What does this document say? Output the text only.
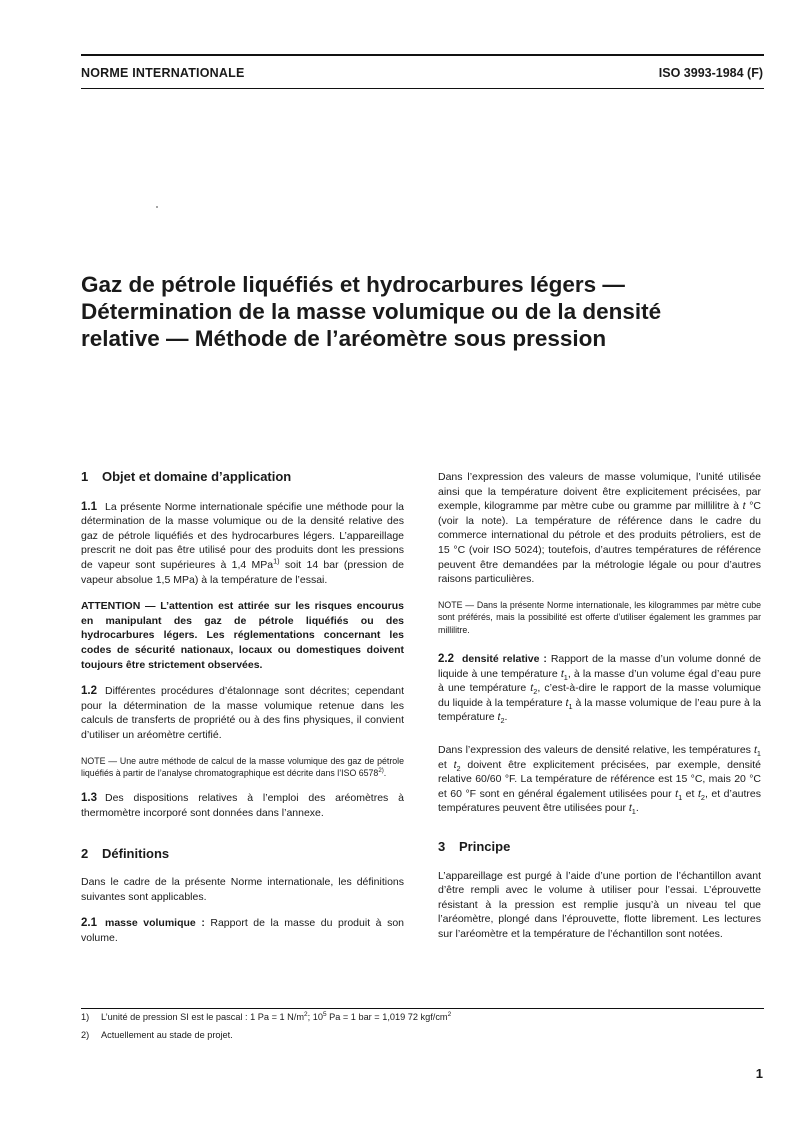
NORME INTERNATIONALE	ISO 3993-1984 (F)
Gaz de pétrole liquéfiés et hydrocarbures légers —
Détermination de la masse volumique ou de la densité
relative — Méthode de l’aréomètre sous pression
1 Objet et domaine d’application

1.1 La présente Norme internationale spécifie une méthode pour la détermination de la masse volumique ou de la densité relative des gaz de pétrole liquéfiés et des hydrocarbures légers. L’appareillage prescrit ne doit pas être utilisé pour des produits dont les pressions de vapeur sont supérieures à 1,4 MPa$^{1)}$ soit 14 bar (pression de vapeur absolue 1,5 MPa) à la température de l’essai.

ATTENTION — L’attention est attirée sur les risques encourus en manipulant des gaz de pétrole liquéfiés ou des hydrocarbures légers. Les réglementations concernant les codes de sécurité nationaux, locaux ou domestiques doivent toujours être strictement observées.

1.2 Différentes procédures d’étalonnage sont décrites; cependant pour la détermination de la masse volumique retenue dans les calculs de transferts de propriété ou à des fins physiques, il convient d’utiliser un aréomètre certifié.

NOTE — Une autre méthode de calcul de la masse volumique des gaz de pétrole liquéfiés à partir de l’analyse chromatographique est décrite dans l’ISO 6578$^{2)}$.

1.3 Des dispositions relatives à l’emploi des aréomètres à thermomètre incorporé sont données dans l’annexe.

2 Définitions

Dans le cadre de la présente Norme internationale, les définitions suivantes sont applicables.

2.1 masse volumique : Rapport de la masse du produit à son volume.

Dans l’expression des valeurs de masse volumique, l’unité utilisée ainsi que la température doivent être explicitement précisées, par exemple, kilogramme par mètre cube ou gramme par millilitre à t °C (voir la note). La température de référence dans le cadre du commerce international du pétrole et des produits pétroliers, est de 15 °C (voir ISO 5024); toutefois, d’autres températures de référence peuvent être demandées par la métrologie légale ou pour d’autres raisons particulières.

NOTE — Dans la présente Norme internationale, les kilogrammes par mètre cube sont préférés, mais la possibilité est offerte d’utiliser également les grammes par millilitre.

2.2 densité relative : Rapport de la masse d’un volume donné de liquide à une température $t_1$, à la masse d’un volume égal d’eau pure à une température $t_2$, c’est-à-dire le rapport de la masse volumique du liquide à la température $t_1$ à la masse volumique de l’eau pure à la température $t_2$.

Dans l’expression des valeurs de densité relative, les températures $t_1$ et $t_2$ doivent être explicitement précisées, par exemple, densité relative 60/60 °F. La température de référence est 15 °C, mais 20 °C et 60 °F sont en général également utilisées pour $t_1$ et $t_2$, et d’autres températures peuvent être utilisées pour $t_1$.

3 Principe

L’appareillage est purgé à l’aide d’une portion de l’échantillon avant d’être rempli avec le volume à utiliser pour l’essai. L’éprouvette résistant à la pression est remplie jusqu’à un niveau tel que l’aréomètre, plongé dans l’éprouvette, flotte librement. Les lectures sur l’aréomètre et la température de l’échantillon sont notées.

1) L’unité de pression SI est le pascal : 1 Pa = 1 $N/m^2$; $10^5$ Pa = 1 bar = 1,019 72 kgf/$cm^2$
2) Actuellement au stade de projet.
1
